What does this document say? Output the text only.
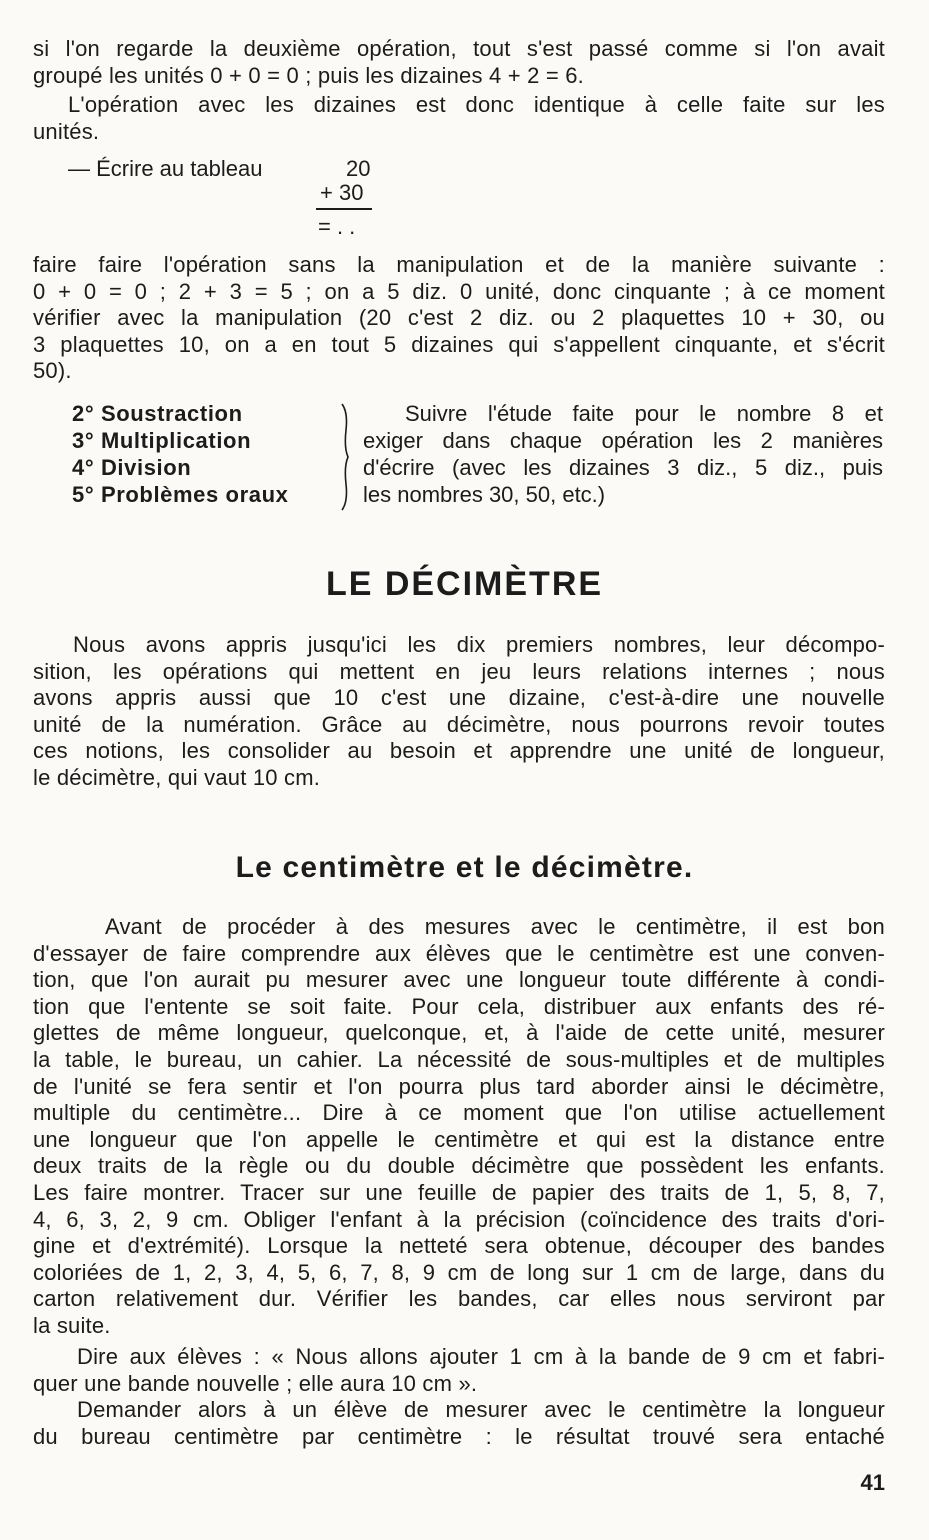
si l'on regarde la deuxième opération, tout s'est passé comme si l'on avait
groupé les unités 0 + 0 = 0 ; puis les dizaines 4 + 2 = 6.
L'opération avec les dizaines est donc identique à celle faite sur les
unités.
— Écrire au tableau	20
+ 30
= . .
faire faire l'opération sans la manipulation et de la manière suivante :
0 + 0 = 0 ; 2 + 3 = 5 ; on a 5 diz. 0 unité, donc cinquante ; à ce moment
vérifier avec la manipulation (20 c'est 2 diz. ou 2 plaquettes 10 + 30, ou
3 plaquettes 10, on a en tout 5 dizaines qui s'appellent cinquante, et s'écrit
50).
2° Soustraction
3° Multiplication
4° Division
5° Problèmes oraux
Suivre l'étude faite pour le nombre 8 et
exiger dans chaque opération les 2 manières
d'écrire (avec les dizaines 3 diz., 5 diz., puis
les nombres 30, 50, etc.)
LE DÉCIMÈTRE
Nous avons appris jusqu'ici les dix premiers nombres, leur décompo-
sition, les opérations qui mettent en jeu leurs relations internes ; nous
avons appris aussi que 10 c'est une dizaine, c'est-à-dire une nouvelle
unité de la numération. Grâce au décimètre, nous pourrons revoir toutes
ces notions, les consolider au besoin et apprendre une unité de longueur,
le décimètre, qui vaut 10 cm.
Le centimètre et le décimètre.
Avant de procéder à des mesures avec le centimètre, il est bon
d'essayer de faire comprendre aux élèves que le centimètre est une conven-
tion, que l'on aurait pu mesurer avec une longueur toute différente à condi-
tion que l'entente se soit faite. Pour cela, distribuer aux enfants des ré-
glettes de même longueur, quelconque, et, à l'aide de cette unité, mesurer
la table, le bureau, un cahier. La nécessité de sous-multiples et de multiples
de l'unité se fera sentir et l'on pourra plus tard aborder ainsi le décimètre,
multiple du centimètre... Dire à ce moment que l'on utilise actuellement
une longueur que l'on appelle le centimètre et qui est la distance entre
deux traits de la règle ou du double décimètre que possèdent les enfants.
Les faire montrer. Tracer sur une feuille de papier des traits de 1, 5, 8, 7,
4, 6, 3, 2, 9 cm. Obliger l'enfant à la précision (coïncidence des traits d'ori-
gine et d'extrémité). Lorsque la netteté sera obtenue, découper des bandes
coloriées de 1, 2, 3, 4, 5, 6, 7, 8, 9 cm de long sur 1 cm de large, dans du
carton relativement dur. Vérifier les bandes, car elles nous serviront par
la suite.
Dire aux élèves : « Nous allons ajouter 1 cm à la bande de 9 cm et fabri-
quer une bande nouvelle ; elle aura 10 cm ».
Demander alors à un élève de mesurer avec le centimètre la longueur
du bureau centimètre par centimètre : le résultat trouvé sera entaché
41
